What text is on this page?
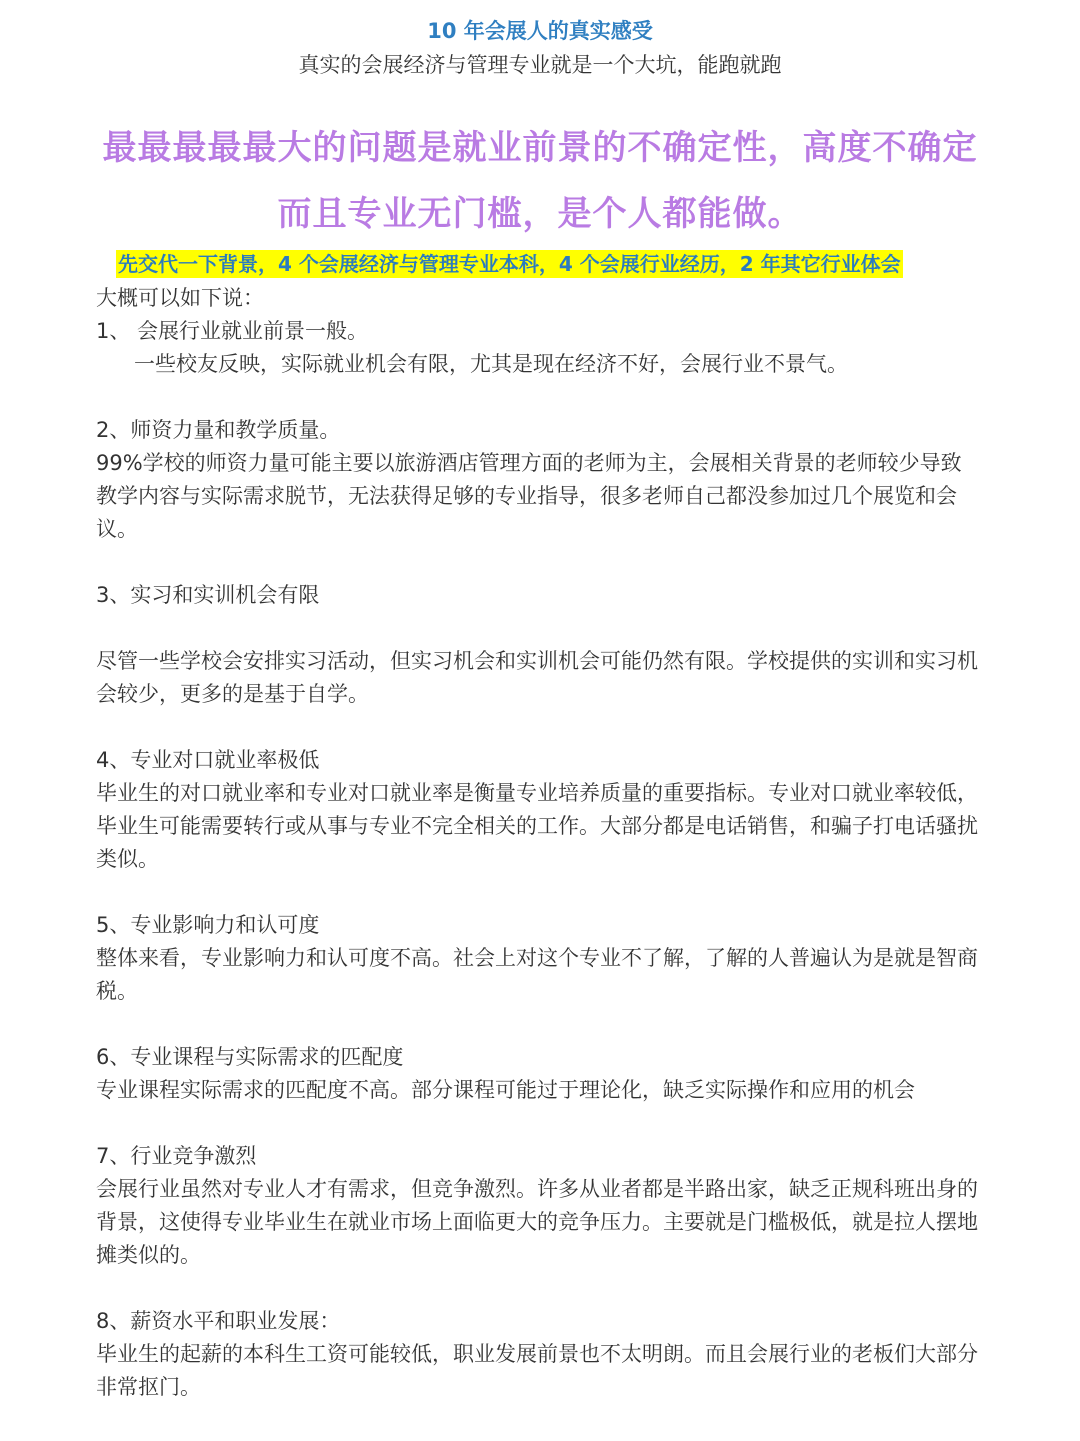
10 年会展人的真实感受
真实的会展经济与管理专业就是一个大坑，能跑就跑
最最最最最大的问题是就业前景的不确定性，高度不确定
而且专业无门槛，是个人都能做。
先交代一下背景，4 个会展经济与管理专业本科，4 个会展行业经历，2 年其它行业体会

大概可以如下说：

1、 会展行业就业前景一般。

一些校友反映，实际就业机会有限，尤其是现在经济不好，会展行业不景气。

2、师资力量和教学质量。

99%学校的师资力量可能主要以旅游酒店管理方面的老师为主，会展相关背景的老师较少导致教学内容与实际需求脱节，无法获得足够的专业指导，很多老师自己都没参加过几个展览和会议。

3、实习和实训机会有限

尽管一些学校会安排实习活动，但实习机会和实训机会可能仍然有限。学校提供的实训和实习机会较少，更多的是基于自学。

4、专业对口就业率极低

毕业生的对口就业率和专业对口就业率是衡量专业培养质量的重要指标。专业对口就业率较低，毕业生可能需要转行或从事与专业不完全相关的工作。大部分都是电话销售，和骗子打电话骚扰类似。

5、专业影响力和认可度

整体来看，专业影响力和认可度不高。社会上对这个专业不了解，了解的人普遍认为是就是智商税。

6、专业课程与实际需求的匹配度

专业课程实际需求的匹配度不高。部分课程可能过于理论化，缺乏实际操作和应用的机会

7、行业竞争激烈

会展行业虽然对专业人才有需求，但竞争激烈。许多从业者都是半路出家，缺乏正规科班出身的背景，这使得专业毕业生在就业市场上面临更大的竞争压力。主要就是门槛极低，就是拉人摆地摊类似的。

8、薪资水平和职业发展：

毕业生的起薪的本科生工资可能较低，职业发展前景也不太明朗。而且会展行业的老板们大部分非常抠门。
